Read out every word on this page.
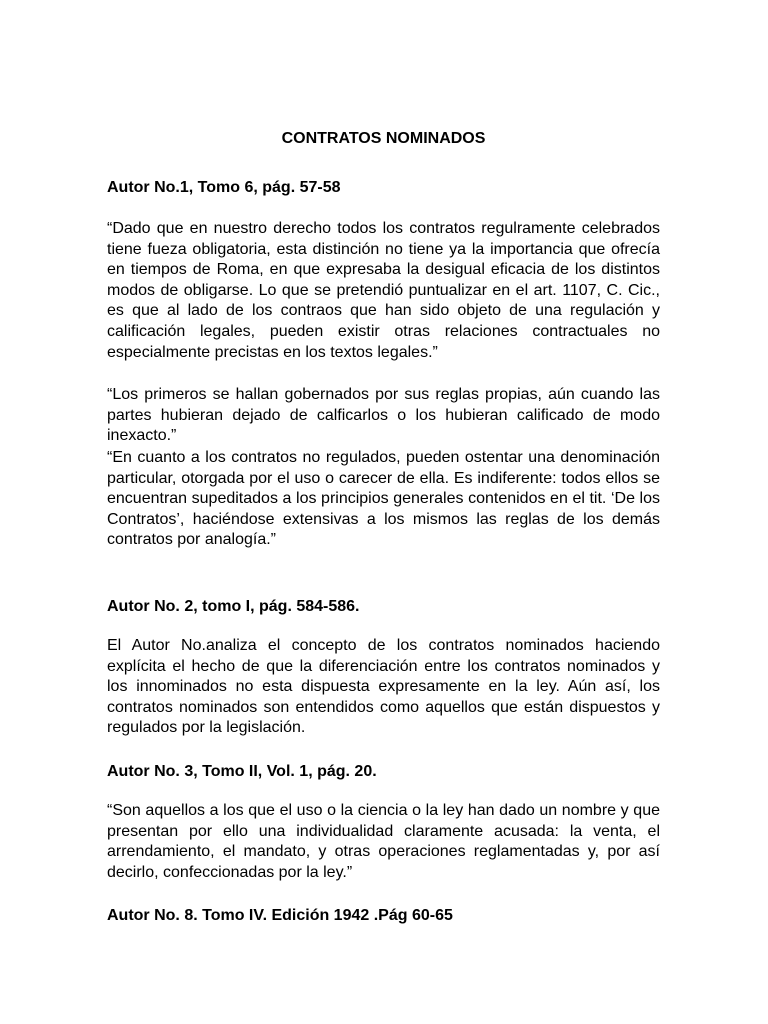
CONTRATOS NOMINADOS
Autor No.1, Tomo 6, pág. 57-58

“Dado que en nuestro derecho todos los contratos regulramente celebrados tiene fueza obligatoria, esta distinción no tiene ya la importancia que ofrecía en tiempos de Roma, en que expresaba la desigual eficacia de los distintos modos de obligarse. Lo que se pretendió puntualizar en el art. 1107, C. Cic., es que al lado de los contraos que han sido objeto de una regulación y calificación legales, pueden existir otras relaciones contractuales no especialmente precistas en los textos legales.”

“Los primeros se hallan gobernados por sus reglas propias, aún cuando las partes hubieran dejado de calficarlos o los hubieran calificado de modo inexacto.”

“En cuanto a los contratos no regulados, pueden ostentar una denominación particular, otorgada por el uso o carecer de ella. Es indiferente: todos ellos se encuentran supeditados a los principios generales contenidos en el tit. ‘De los Contratos’, haciéndose extensivas a los mismos las reglas de los demás contratos por analogía.”

Autor No. 2, tomo I, pág. 584-586.

El Autor No.analiza el concepto de los contratos nominados haciendo explícita el hecho de que la diferenciación entre los contratos nominados y los innominados no esta dispuesta expresamente en la ley. Aún así, los contratos nominados son entendidos como aquellos que están dispuestos y regulados por la legislación.

Autor No. 3, Tomo II, Vol. 1, pág. 20.

“Son aquellos a los que el uso o la ciencia o la ley han dado un nombre y que presentan por ello una individualidad claramente acusada: la venta, el arrendamiento, el mandato, y otras operaciones reglamentadas y, por así decirlo, confeccionadas por la ley.”

Autor No. 8. Tomo IV. Edición 1942 .Pág 60-65
